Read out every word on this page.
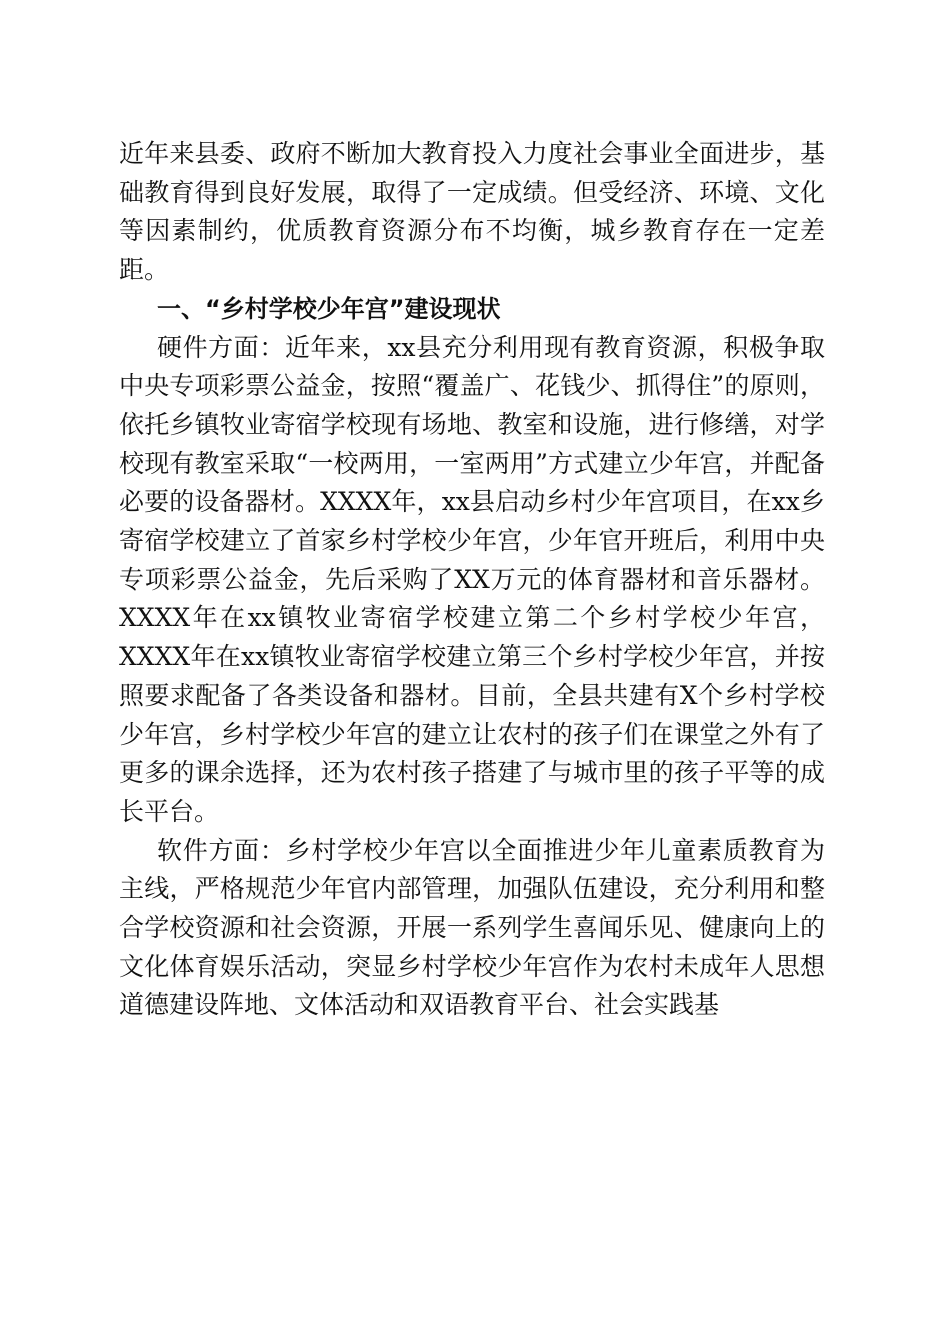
近年来县委、政府不断加大教育投入力度社会事业全面进步，基础教育得到良好发展，取得了一定成绩。但受经济、环境、文化等因素制约，优质教育资源分布不均衡，城乡教育存在一定差距。

一、“乡村学校少年宫”建设现状

硬件方面：近年来，xx县充分利用现有教育资源，积极争取中央专项彩票公益金，按照“覆盖广、花钱少、抓得住”的原则，依托乡镇牧业寄宿学校现有场地、教室和设施，进行修缮，对学校现有教室采取“一校两用，一室两用”方式建立少年宫，并配备必要的设备器材。XXXX年，xx县启动乡村少年宫项目，在xx乡寄宿学校建立了首家乡村学校少年宫，少年官开班后，利用中央专项彩票公益金，先后采购了XX万元的体育器材和音乐器材。XXXX年在xx镇牧业寄宿学校建立第二个乡村学校少年宫，XXXX年在xx镇牧业寄宿学校建立第三个乡村学校少年宫，并按照要求配备了各类设备和器材。目前，全县共建有X个乡村学校少年宫，乡村学校少年宫的建立让农村的孩子们在课堂之外有了更多的课余选择，还为农村孩子搭建了与城市里的孩子平等的成长平台。

软件方面：乡村学校少年宫以全面推进少年儿童素质教育为主线，严格规范少年官内部管理，加强队伍建设，充分利用和整合学校资源和社会资源，开展一系列学生喜闻乐见、健康向上的文化体育娱乐活动，突显乡村学校少年宫作为农村未成年人思想道德建设阵地、文体活动和双语教育平台、社会实践基
